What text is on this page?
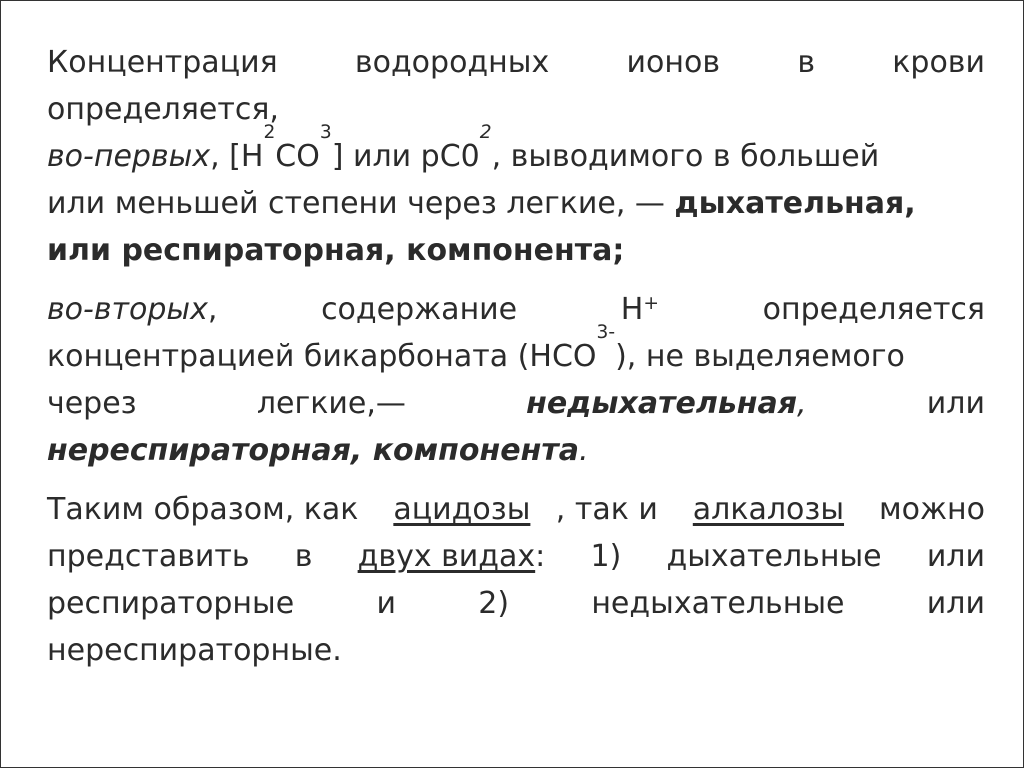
Концентрация	водородных	ионов	в	крови
определяется,
во-первых , [H
2
CO
3
] или pC0
2
, выводимого в большей
или меньшей степени через легкие, — дыхательная,
или респираторная, компонента;
во-вторых,	содержание	H+	определяется
концентрацией бикарбоната (HCO
3 -
), не выделяемого
через	легкие,—	недыхательная,	или
нереспираторная, компонента .
Таким образом, как ацидозы , так и алкалозы можно
представить в двух видах: 1) дыхательные или
респираторные	и	2)	недыхательные	или
нереспираторные.
